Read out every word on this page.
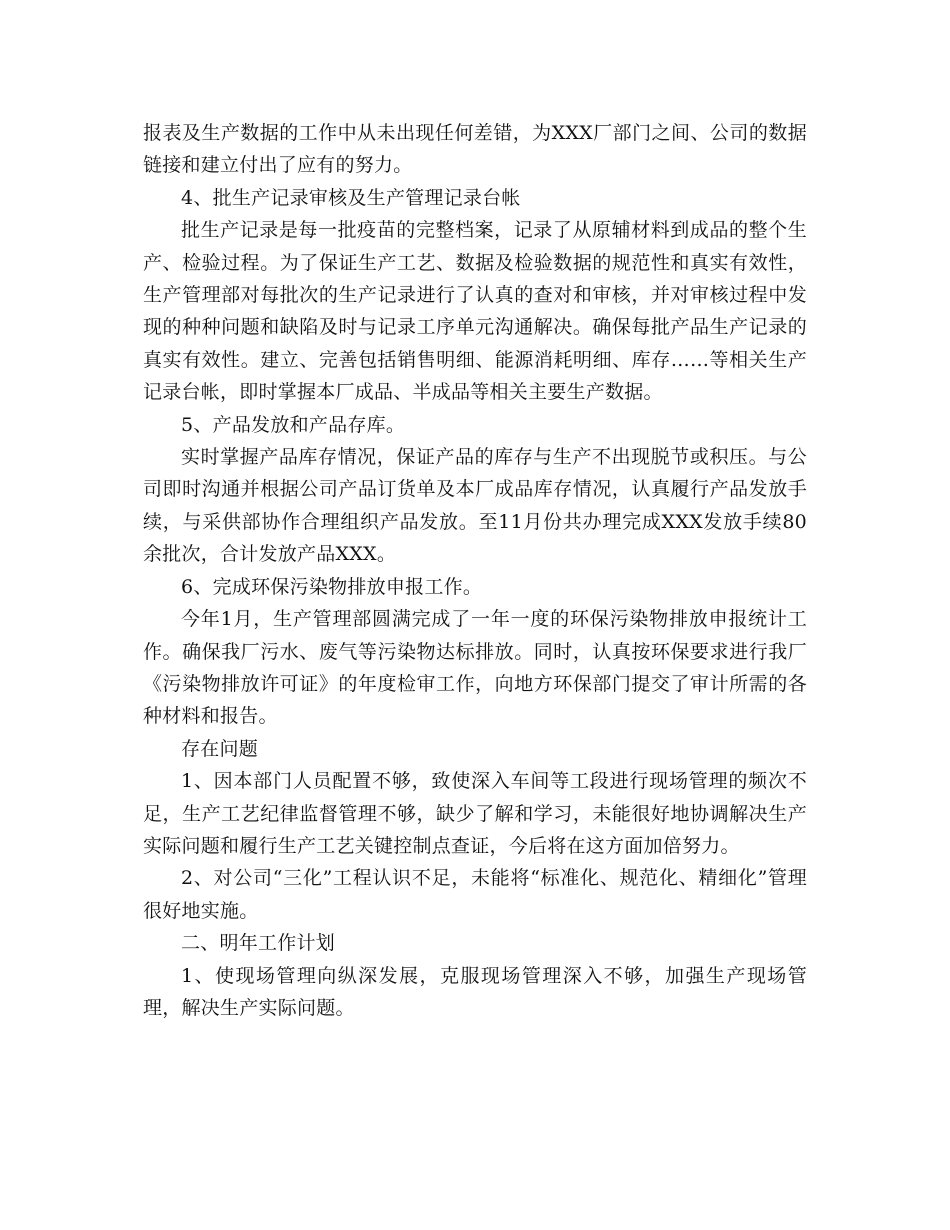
报表及生产数据的工作中从未出现任何差错，为XXX厂部门之间、公司的数据链接和建立付出了应有的努力。

4、批生产记录审核及生产管理记录台帐

批生产记录是每一批疫苗的完整档案，记录了从原辅材料到成品的整个生产、检验过程。为了保证生产工艺、数据及检验数据的规范性和真实有效性，生产管理部对每批次的生产记录进行了认真的查对和审核，并对审核过程中发现的种种问题和缺陷及时与记录工序单元沟通解决。确保每批产品生产记录的真实有效性。建立、完善包括销售明细、能源消耗明细、库存……等相关生产记录台帐，即时掌握本厂成品、半成品等相关主要生产数据。

5、产品发放和产品存库。

实时掌握产品库存情况，保证产品的库存与生产不出现脱节或积压。与公司即时沟通并根据公司产品订货单及本厂成品库存情况，认真履行产品发放手续，与采供部协作合理组织产品发放。至11月份共办理完成XXX发放手续80余批次，合计发放产品XXX。

6、完成环保污染物排放申报工作。

今年1月，生产管理部圆满完成了一年一度的环保污染物排放申报统计工作。确保我厂污水、废气等污染物达标排放。同时，认真按环保要求进行我厂《污染物排放许可证》的年度检审工作，向地方环保部门提交了审计所需的各种材料和报告。

存在问题

1、因本部门人员配置不够，致使深入车间等工段进行现场管理的频次不足，生产工艺纪律监督管理不够，缺少了解和学习，未能很好地协调解决生产实际问题和履行生产工艺关键控制点查证，今后将在这方面加倍努力。

2、对公司“三化”工程认识不足，未能将“标准化、规范化、精细化”管理很好地实施。

二、明年工作计划

1、使现场管理向纵深发展，克服现场管理深入不够，加强生产现场管理，解决生产实际问题。
